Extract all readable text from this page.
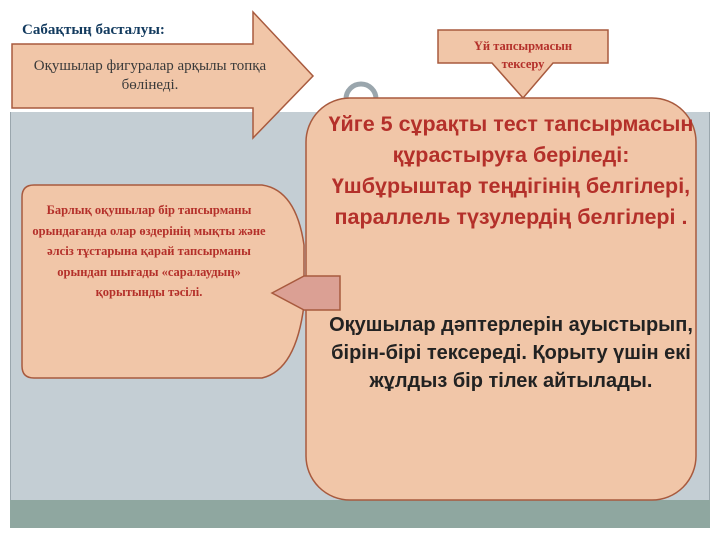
Сабақтың басталуы:
Оқушылар фигуралар арқылы топқа бөлінеді.
Үй тапсырмасын тексеру
Барлық оқушылар бір тапсырманы орындағанда олар өздерінің мықты және әлсіз тұстарына қарай тапсырманы орындап шығады «саралаудың» қорытынды тәсілі.
Үйге 5 сұрақты тест тапсырмасын құрастыруға беріледі: Үшбұрыштар теңдігінің белгілері, параллель түзулердің белгілері .
Оқушылар дәптерлерін ауыстырып, бірін-бірі тексереді. Қорыту үшін екі жұлдыз бір тілек айтылады.
